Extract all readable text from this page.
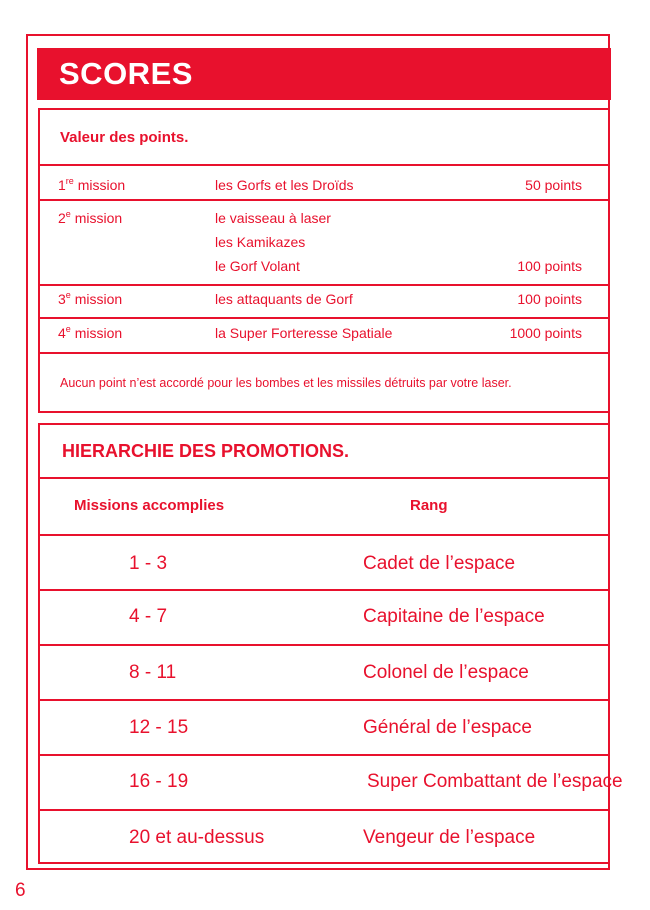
SCORES
Valeur des points.
1re mission	les Gorfs et les Droïds	50 points
2e mission	le vaisseau à laser
les Kamikazes
le Gorf Volant	100 points
3e mission	les attaquants de Gorf	100 points
4e mission	la Super Forteresse Spatiale	1000 points
Aucun point n’est accordé pour les bombes et les missiles détruits par votre laser.
HIERARCHIE DES PROMOTIONS.
Missions accomplies	Rang
1 - 3	Cadet de l’espace
4 - 7	Capitaine de l’espace
8 - 11	Colonel de l’espace
12 - 15	Général de l’espace
16 - 19	Super Combattant de l’espace
20 et au-dessus	Vengeur de l’espace
6
